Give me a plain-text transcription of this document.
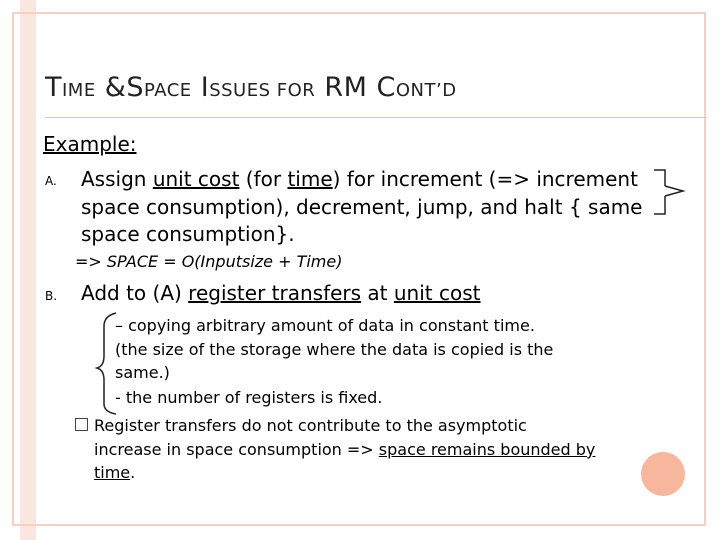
TIME &SPACE ISSUES FOR RM CONT’D
Example:
A. Assign unit cost (for time) for increment (=> increment
space consumption), decrement, jump, and halt { same
space consumption}.
=> SPACE = O(Inputsize + Time)
B. Add to (A) register transfers at unit cost
– copying arbitrary amount of data in constant time.
(the size of the storage where the data is copied is the
same.)
- the number of registers is fixed.
Register transfers do not contribute to the asymptotic
increase in space consumption => space remains bounded by
time.
